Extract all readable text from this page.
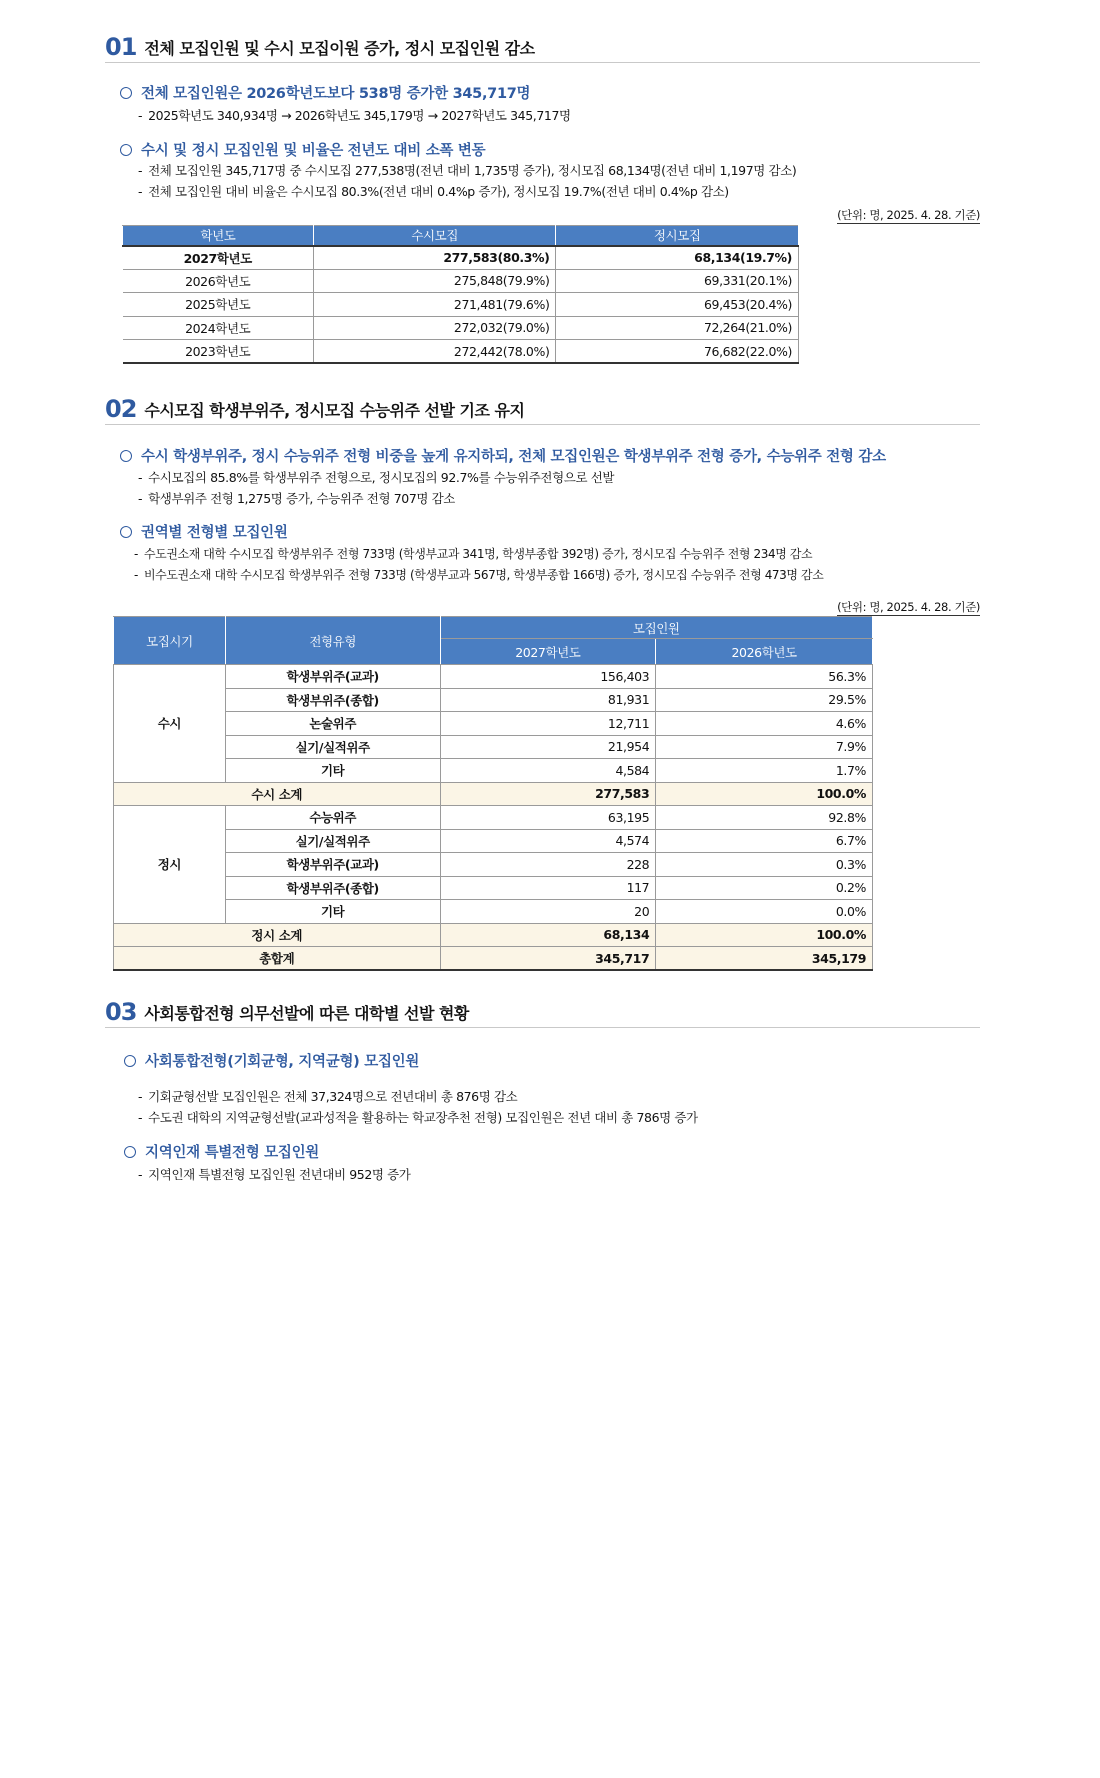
01 전체 모집인원 및 수시 모집이원 증가, 정시 모집인원 감소
전체 모집인원은 2026학년도보다 538명 증가한 345,717명
- 2025학년도 340,934명 → 2026학년도 345,179명 → 2027학년도 345,717명
수시 및 정시 모집인원 및 비율은 전년도 대비 소폭 변동
- 전체 모집인원 345,717명 중 수시모집 277,538명(전년 대비 1,735명 증가), 정시모집 68,134명(전년 대비 1,197명 감소)
- 전체 모집인원 대비 비율은 수시모집 80.3%(전년 대비 0.4%p 증가), 정시모집 19.7%(전년 대비 0.4%p 감소)
(단위: 명, 2025. 4. 28. 기준)
학년도	수시모집	정시모집
2027학년도	277,583(80.3%)	68,134(19.7%)
2026학년도	275,848(79.9%)	69,331(20.1%)
2025학년도	271,481(79.6%)	69,453(20.4%)
2024학년도	272,032(79.0%)	72,264(21.0%)
2023학년도	272,442(78.0%)	76,682(22.0%)
02 수시모집 학생부위주, 정시모집 수능위주 선발 기조 유지
수시 학생부위주, 정시 수능위주 전형 비중을 높게 유지하되, 전체 모집인원은 학생부위주 전형 증가, 수능위주 전형 감소
- 수시모집의 85.8%를 학생부위주 전형으로, 정시모집의 92.7%를 수능위주전형으로 선발
- 학생부위주 전형 1,275명 증가, 수능위주 전형 707명 감소
권역별 전형별 모집인원
- 수도권소재 대학 수시모집 학생부위주 전형 733명 (학생부교과 341명, 학생부종합 392명) 증가, 정시모집 수능위주 전형 234명 감소
- 비수도권소재 대학 수시모집 학생부위주 전형 733명 (학생부교과 567명, 학생부종합 166명) 증가, 정시모집 수능위주 전형 473명 감소
(단위: 명, 2025. 4. 28. 기준)
모집시기	전형유형	모집인원	
		2027학년도	2026학년도
수시	학생부위주(교과)	156,403	56.3%
	학생부위주(종합)	81,931	29.5%
	논술위주	12,711	4.6%
	실기/실적위주	21,954	7.9%
	기타	4,584	1.7%
수시 소계		277,583	100.0%
정시	수능위주	63,195	92.8%
	실기/실적위주	4,574	6.7%
	학생부위주(교과)	228	0.3%
	학생부위주(종합)	117	0.2%
	기타	20	0.0%
정시 소계		68,134	100.0%
총합계		345,717	345,179
03 사회통합전형 의무선발에 따른 대학별 선발 현황
사회통합전형(기회균형, 지역균형) 모집인원
- 기회균형선발 모집인원은 전체 37,324명으로 전년대비 총 876명 감소
- 수도권 대학의 지역균형선발(교과성적을 활용하는 학교장추천 전형) 모집인원은 전년 대비 총 786명 증가
지역인재 특별전형 모집인원
- 지역인재 특별전형 모집인원 전년대비 952명 증가
